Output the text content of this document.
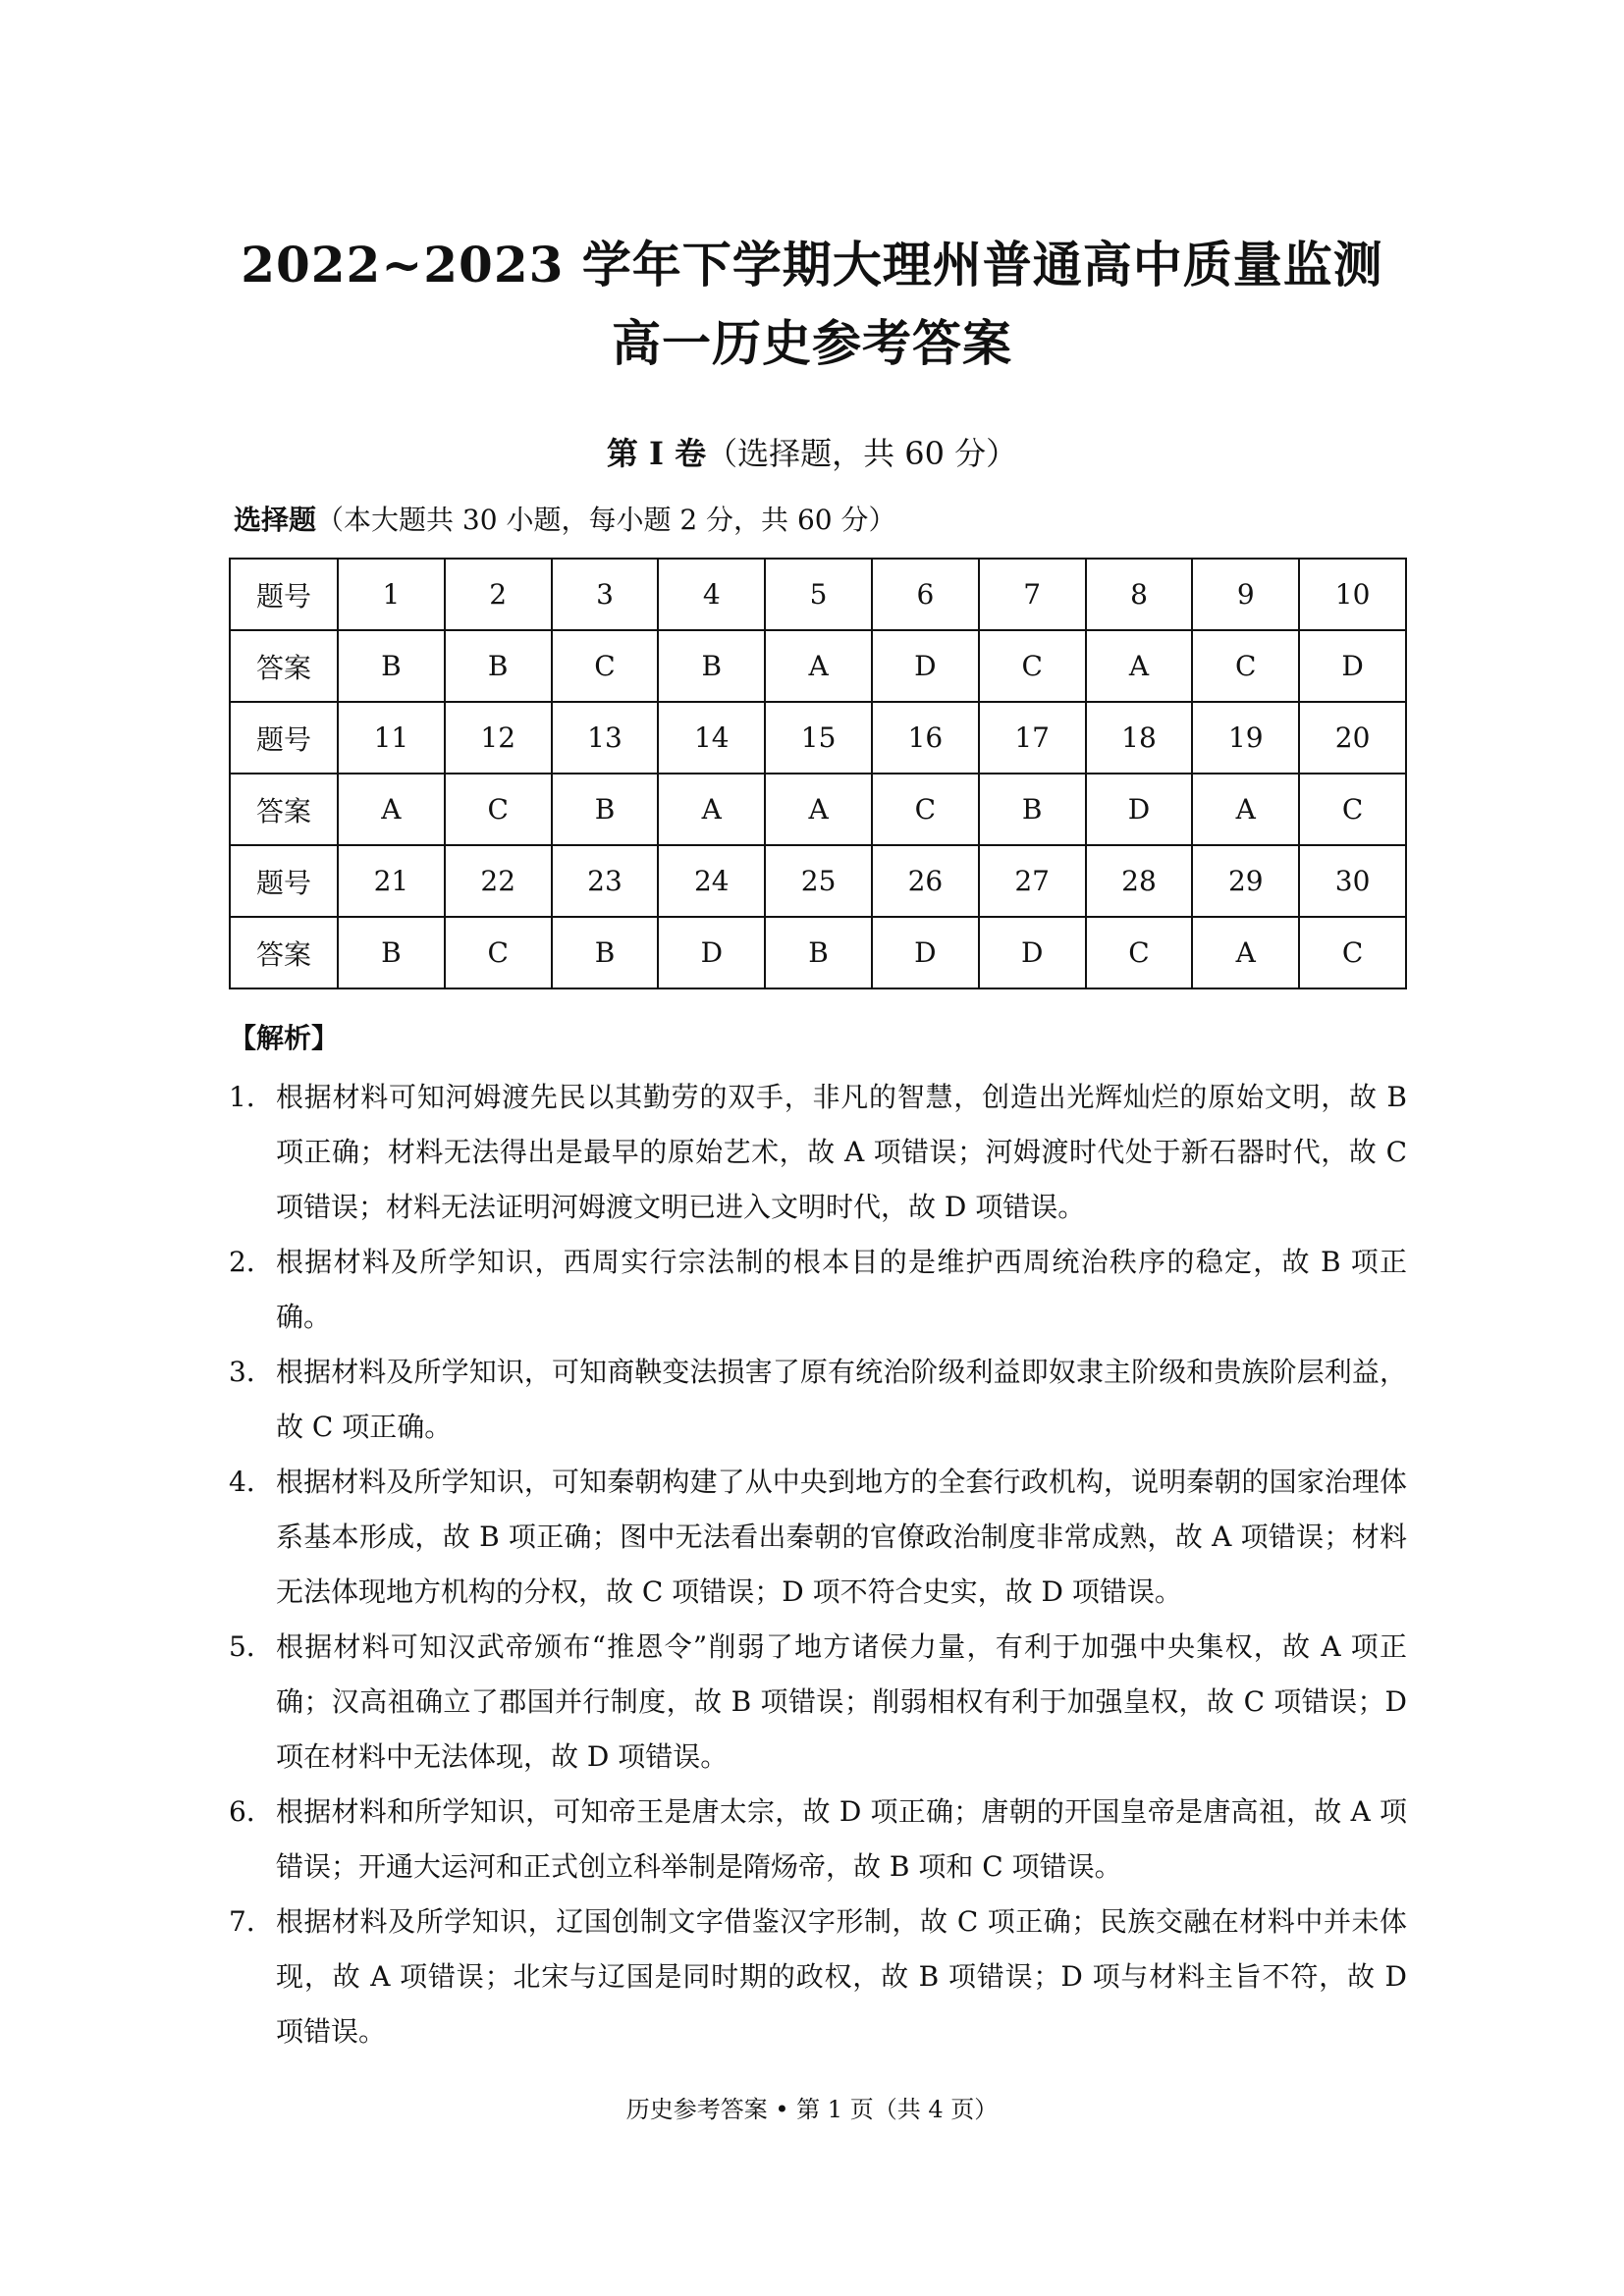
2022~2023 学年下学期大理州普通高中质量监测
高一历史参考答案
第 I 卷（选择题，共 60 分）
选择题（本大题共 30 小题，每小题 2 分，共 60 分）
题号	1	2	3	4	5	6	7	8	9	10
答案	B	B	C	B	A	D	C	A	C	D
题号	11	12	13	14	15	16	17	18	19	20
答案	A	C	B	A	A	C	B	D	A	C
题号	21	22	23	24	25	26	27	28	29	30
答案	B	C	B	D	B	D	D	C	A	C
【解析】
1． 根据材料可知河姆渡先民以其勤劳的双手，非凡的智慧，创造出光辉灿烂的原始文明，故 B 项正确；材料无法得出是最早的原始艺术，故 A 项错误；河姆渡时代处于新石器时代，故 C 项错误；材料无法证明河姆渡文明已进入文明时代，故 D 项错误。
2． 根据材料及所学知识，西周实行宗法制的根本目的是维护西周统治秩序的稳定，故 B 项正确。
3． 根据材料及所学知识，可知商鞅变法损害了原有统治阶级利益即奴隶主阶级和贵族阶层利益，故 C 项正确。
4． 根据材料及所学知识，可知秦朝构建了从中央到地方的全套行政机构，说明秦朝的国家治理体系基本形成，故 B 项正确；图中无法看出秦朝的官僚政治制度非常成熟，故 A 项错误；材料无法体现地方机构的分权，故 C 项错误；D 项不符合史实，故 D 项错误。
5． 根据材料可知汉武帝颁布“推恩令”削弱了地方诸侯力量，有利于加强中央集权，故 A 项正确；汉高祖确立了郡国并行制度，故 B 项错误；削弱相权有利于加强皇权，故 C 项错误；D 项在材料中无法体现，故 D 项错误。
6． 根据材料和所学知识，可知帝王是唐太宗，故 D 项正确；唐朝的开国皇帝是唐高祖，故 A 项错误；开通大运河和正式创立科举制是隋炀帝，故 B 项和 C 项错误。
7． 根据材料及所学知识，辽国创制文字借鉴汉字形制，故 C 项正确；民族交融在材料中并未体现，故 A 项错误；北宋与辽国是同时期的政权，故 B 项错误；D 项与材料主旨不符，故 D 项错误。
历史参考答案 • 第 1 页（共 4 页）
